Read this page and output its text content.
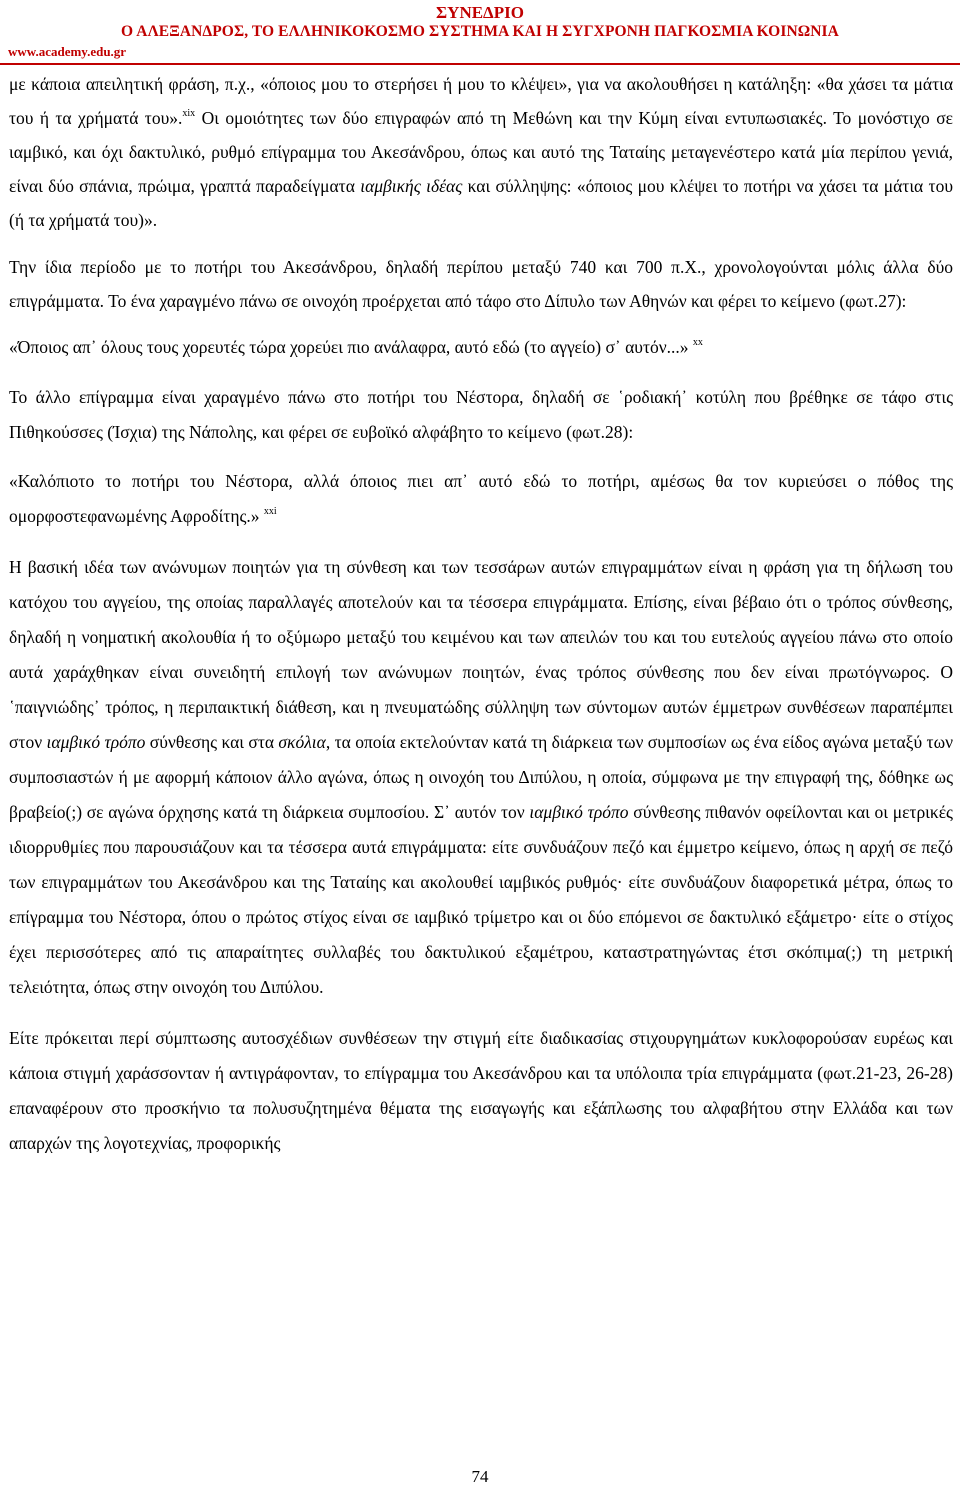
ΣΥΝΕΔΡΙΟ
Ο ΑΛΕΞΑΝΔΡΟΣ, ΤΟ ΕΛΛΗΝΙΚΟΚΟΣΜΟ ΣΥΣΤΗΜΑ ΚΑΙ Η ΣΥΓΧΡΟΝΗ ΠΑΓΚΟΣΜΙΑ ΚΟΙΝΩΝΙΑ
www.academy.edu.gr

με κάποια απειλητική φράση, π.χ., «όποιος μου το στερήσει ή μου το κλέψει», για να ακολουθήσει η κατάληξη: «θα χάσει τα μάτια του ή τα χρήματά του».$^{xix}$ Οι ομοιότητες των δύο επιγραφών από τη Μεθώνη και την Κύμη είναι εντυπωσιακές. Το μονόστιχο σε ιαμβικό, και όχι δακτυλικό, ρυθμό επίγραμμα του Ακεσάνδρου, όπως και αυτό της Ταταίης μεταγενέστερο κατά μία περίπου γενιά, είναι δύο σπάνια, πρώιμα, γραπτά παραδείγματα ιαμβικής ιδέας και σύλληψης: «όποιος μου κλέψει το ποτήρι να χάσει τα μάτια του (ή τα χρήματά του)».

Την ίδια περίοδο με το ποτήρι του Ακεσάνδρου, δηλαδή περίπου μεταξύ 740 και 700 π.Χ., χρονολογούνται μόλις άλλα δύο επιγράμματα. Το ένα χαραγμένο πάνω σε οινοχόη προέρχεται από τάφο στο Δίπυλο των Αθηνών και φέρει το κείμενο (φωτ.27):

«Όποιος απ᾽ όλους τους χορευτές τώρα χορεύει πιο ανάλαφρα, αυτό εδώ (το αγγείο) σ᾽ αυτόν...» $^{xx}$

Το άλλο επίγραμμα είναι χαραγμένο πάνω στο ποτήρι του Νέστορα, δηλαδή σε ῾ροδιακή᾽ κοτύλη που βρέθηκε σε τάφο στις Πιθηκούσσες (Ίσχια) της Νάπολης, και φέρει σε ευβοϊκό αλφάβητο το κείμενο (φωτ.28):

«Καλόπιοτο το ποτήρι του Νέστορα, αλλά όποιος πιει απ᾽ αυτό εδώ το ποτήρι, αμέσως θα τον κυριεύσει ο πόθος της ομορφοστεφανωμένης Αφροδίτης.» $^{xxi}$

Η βασική ιδέα των ανώνυμων ποιητών για τη σύνθεση και των τεσσάρων αυτών επιγραμμάτων είναι η φράση για τη δήλωση του κατόχου του αγγείου, της οποίας παραλλαγές αποτελούν και τα τέσσερα επιγράμματα. Επίσης, είναι βέβαιο ότι ο τρόπος σύνθεσης, δηλαδή η νοηματική ακολουθία ή το οξύμωρο μεταξύ του κειμένου και των απειλών του και του ευτελούς αγγείου πάνω στο οποίο αυτά χαράχθηκαν είναι συνειδητή επιλογή των ανώνυμων ποιητών, ένας τρόπος σύνθεσης που δεν είναι πρωτόγνωρος. Ο ῾παιγνιώδης᾽ τρόπος, η περιπαικτική διάθεση, και η πνευματώδης σύλληψη των σύντομων αυτών έμμετρων συνθέσεων παραπέμπει στον ιαμβικό τρόπο σύνθεσης και στα σκόλια, τα οποία εκτελούνταν κατά τη διάρκεια των συμποσίων ως ένα είδος αγώνα μεταξύ των συμποσιαστών ή με αφορμή κάποιον άλλο αγώνα, όπως η οινοχόη του Διπύλου, η οποία, σύμφωνα με την επιγραφή της, δόθηκε ως βραβείο(;) σε αγώνα όρχησης κατά τη διάρκεια συμποσίου. Σ᾽ αυτόν τον ιαμβικό τρόπο σύνθεσης πιθανόν οφείλονται και οι μετρικές ιδιορρυθμίες που παρουσιάζουν και τα τέσσερα αυτά επιγράμματα: είτε συνδυάζουν πεζό και έμμετρο κείμενο, όπως η αρχή σε πεζό των επιγραμμάτων του Ακεσάνδρου και της Ταταίης και ακολουθεί ιαμβικός ρυθμός· είτε συνδυάζουν διαφορετικά μέτρα, όπως το επίγραμμα του Νέστορα, όπου ο πρώτος στίχος είναι σε ιαμβικό τρίμετρο και οι δύο επόμενοι σε δακτυλικό εξάμετρο· είτε ο στίχος έχει περισσότερες από τις απαραίτητες συλλαβές του δακτυλικού εξαμέτρου, καταστρατηγώντας έτσι σκόπιμα(;) τη μετρική τελειότητα, όπως στην οινοχόη του Διπύλου.

Είτε πρόκειται περί σύμπτωσης αυτοσχέδιων συνθέσεων την στιγμή είτε διαδικασίας στιχουργημάτων κυκλοφορούσαν ευρέως και κάποια στιγμή χαράσσονταν ή αντιγράφονταν, το επίγραμμα του Ακεσάνδρου και τα υπόλοιπα τρία επιγράμματα (φωτ.21-23, 26-28) επαναφέρουν στο προσκήνιο τα πολυσυζητημένα θέματα της εισαγωγής και εξάπλωσης του αλφαβήτου στην Ελλάδα και των απαρχών της λογοτεχνίας, προφορικής

74
